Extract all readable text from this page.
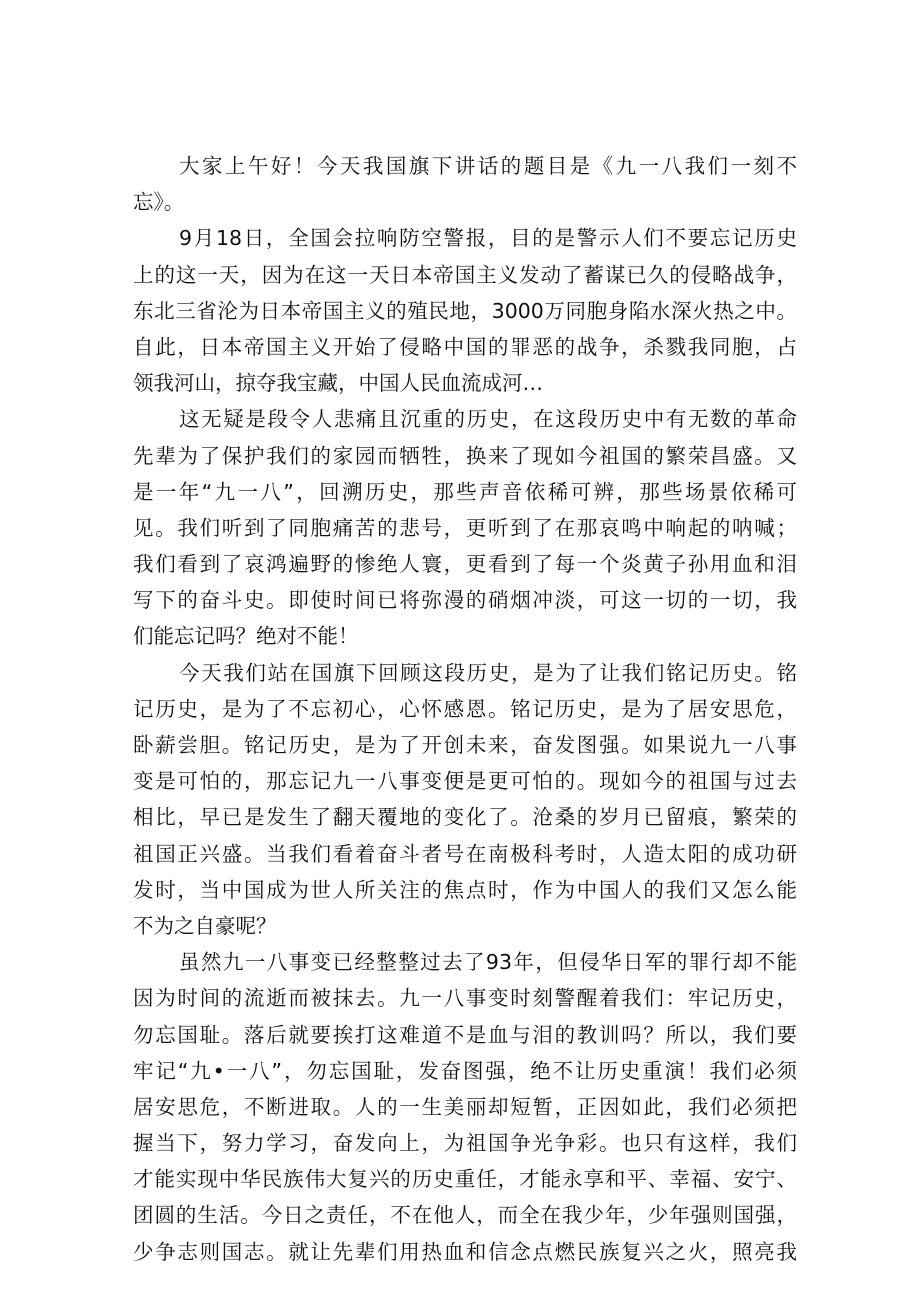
大家上午好！今天我国旗下讲话的题目是《九一八我们一刻不
忘》。
9月18日，全国会拉响防空警报，目的是警示人们不要忘记历史
上的这一天，因为在这一天日本帝国主义发动了蓄谋已久的侵略战争，
东北三省沦为日本帝国主义的殖民地，3000万同胞身陷水深火热之中。
自此，日本帝国主义开始了侵略中国的罪恶的战争，杀戮我同胞，占
领我河山，掠夺我宝藏，中国人民血流成河…
这无疑是段令人悲痛且沉重的历史，在这段历史中有无数的革命
先辈为了保护我们的家园而牺牲，换来了现如今祖国的繁荣昌盛。又
是一年“九一八”，回溯历史，那些声音依稀可辨，那些场景依稀可
见。我们听到了同胞痛苦的悲号，更听到了在那哀鸣中响起的呐喊；
我们看到了哀鸿遍野的惨绝人寰，更看到了每一个炎黄子孙用血和泪
写下的奋斗史。即使时间已将弥漫的硝烟冲淡，可这一切的一切，我
们能忘记吗？绝对不能！
今天我们站在国旗下回顾这段历史，是为了让我们铭记历史。铭
记历史，是为了不忘初心，心怀感恩。铭记历史，是为了居安思危，
卧薪尝胆。铭记历史，是为了开创未来，奋发图强。如果说九一八事
变是可怕的，那忘记九一八事变便是更可怕的。现如今的祖国与过去
相比，早已是发生了翻天覆地的变化了。沧桑的岁月已留痕，繁荣的
祖国正兴盛。当我们看着奋斗者号在南极科考时，人造太阳的成功研
发时，当中国成为世人所关注的焦点时，作为中国人的我们又怎么能
不为之自豪呢？
虽然九一八事变已经整整过去了93年，但侵华日军的罪行却不能
因为时间的流逝而被抹去。九一八事变时刻警醒着我们：牢记历史，
勿忘国耻。落后就要挨打这难道不是血与泪的教训吗？所以，我们要
牢记“九•一八”，勿忘国耻，发奋图强，绝不让历史重演！我们必须
居安思危，不断进取。人的一生美丽却短暂，正因如此，我们必须把
握当下，努力学习，奋发向上，为祖国争光争彩。也只有这样，我们
才能实现中华民族伟大复兴的历史重任，才能永享和平、幸福、安宁、
团圆的生活。今日之责任，不在他人，而全在我少年，少年强则国强，
少争志则国志。就让先辈们用热血和信念点燃民族复兴之火，照亮我
